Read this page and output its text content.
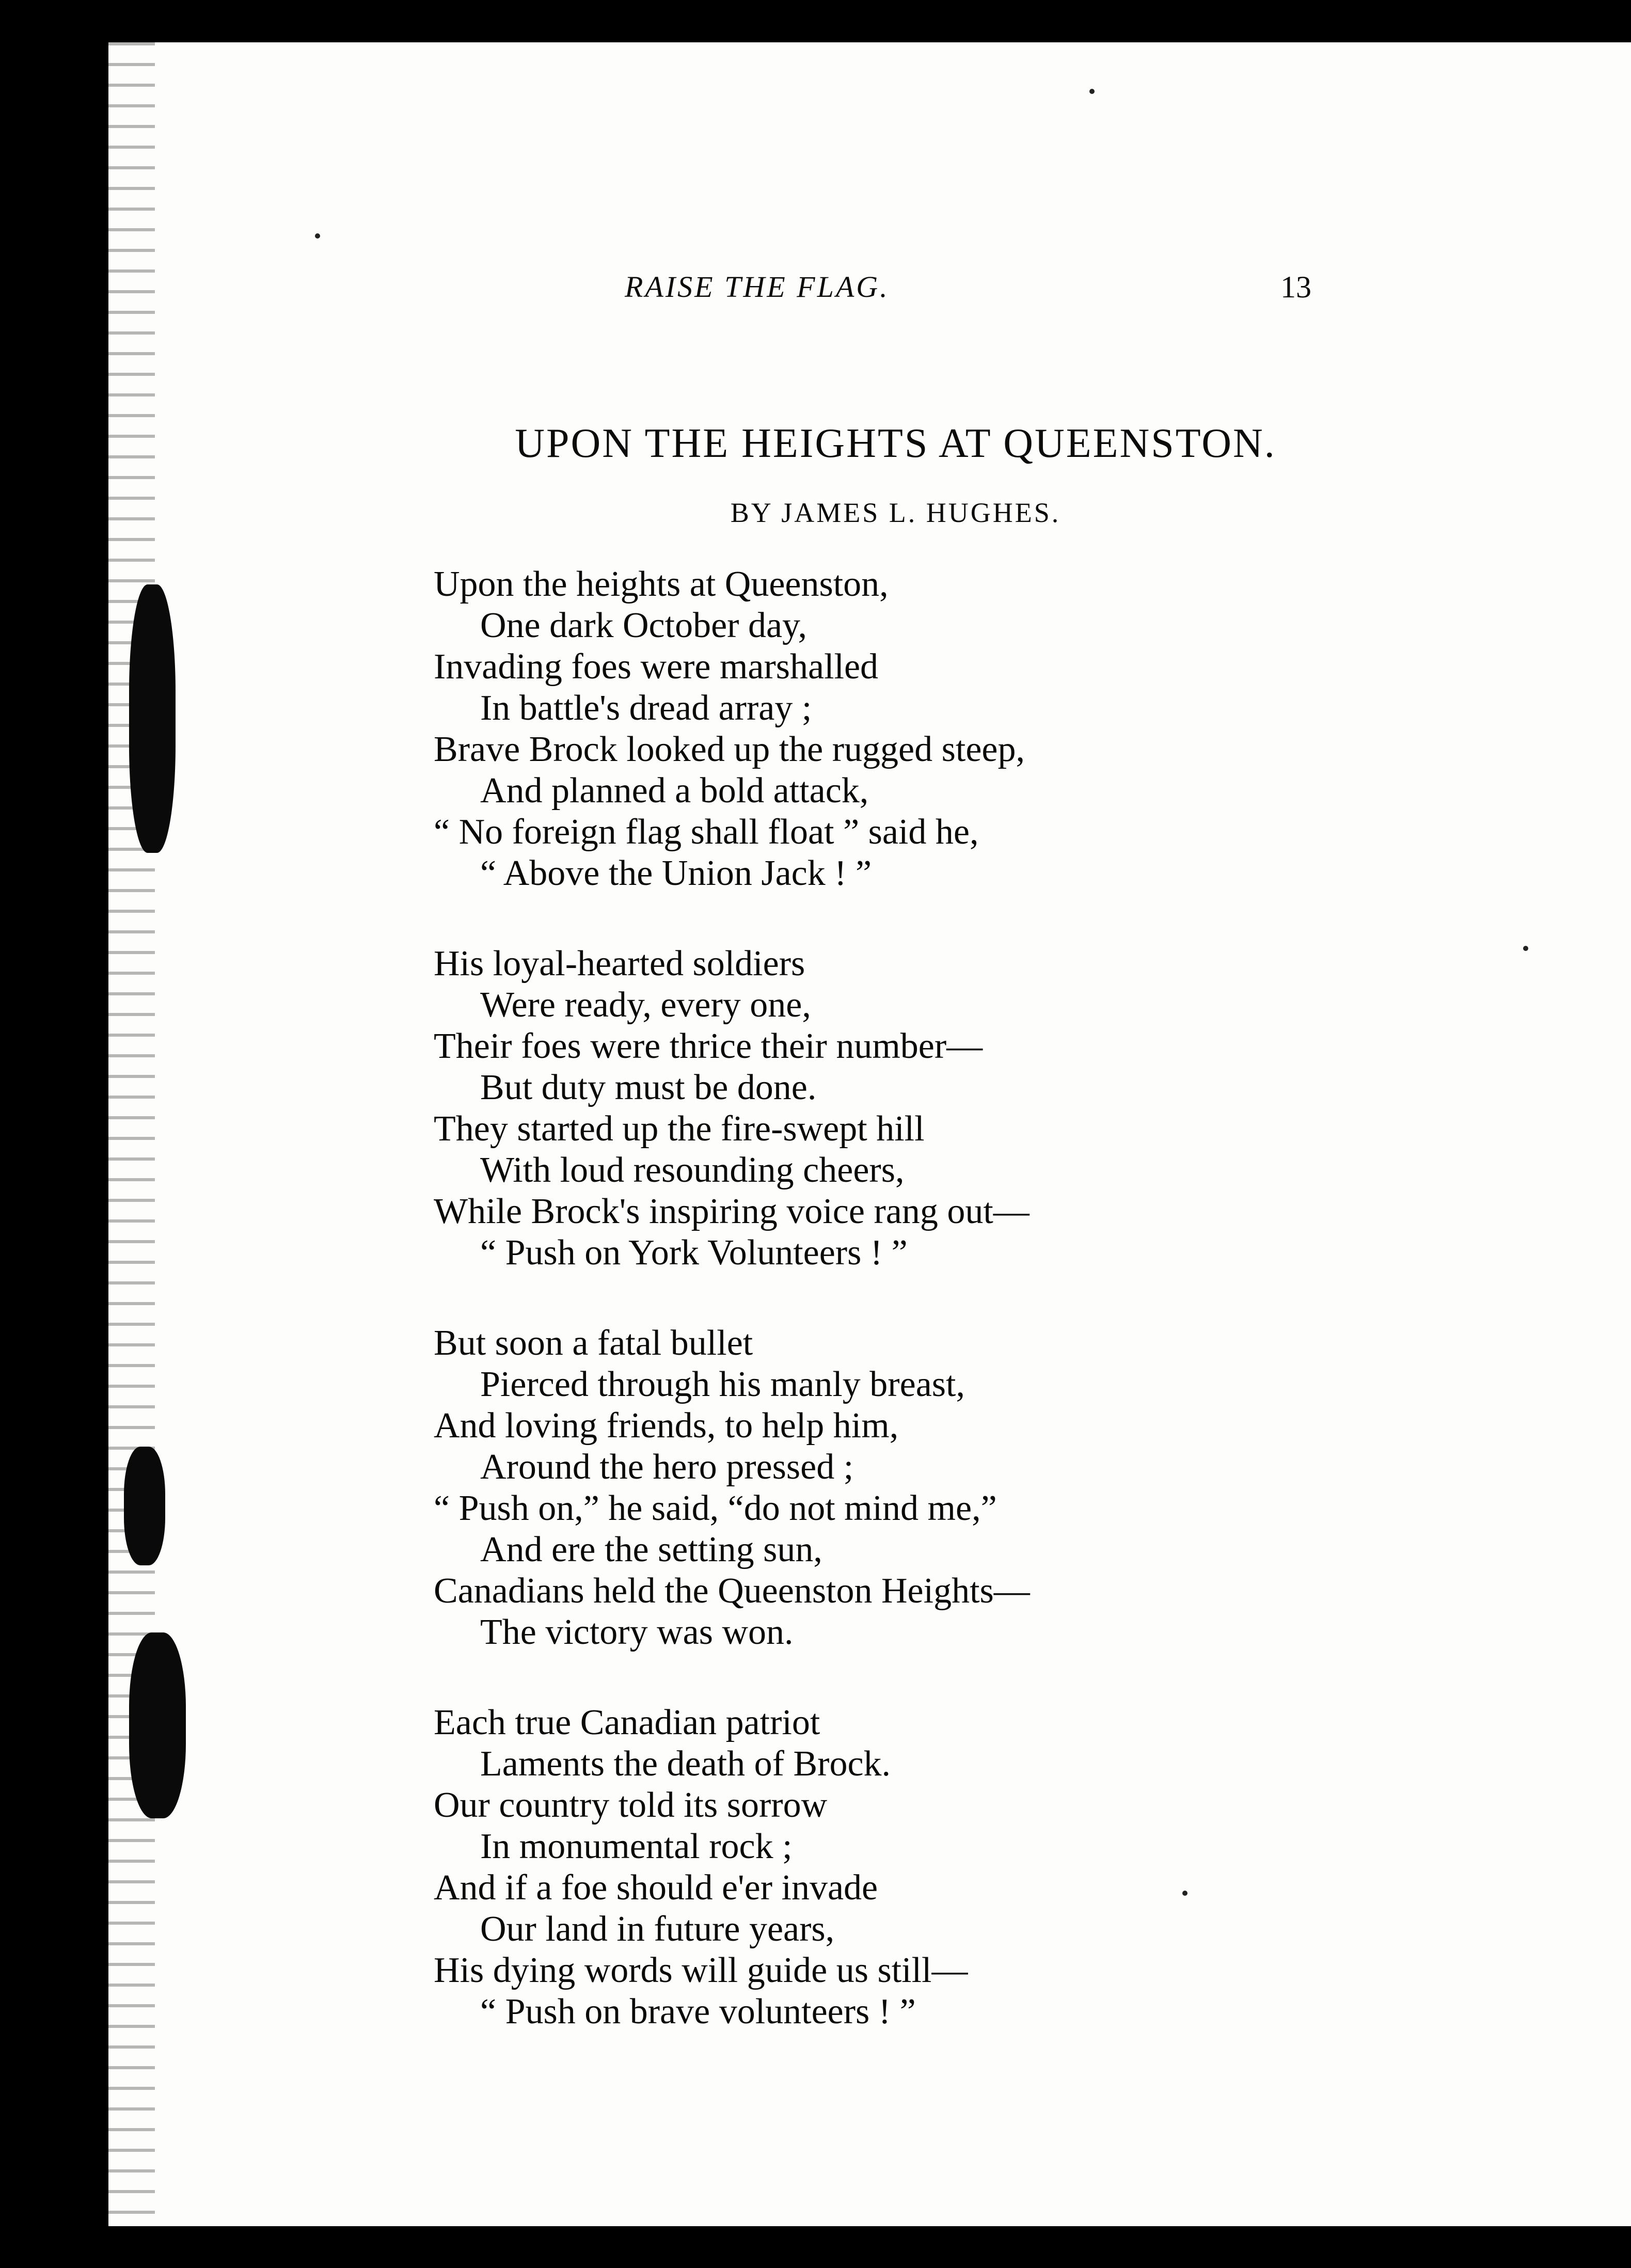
RAISE THE FLAG.	13
UPON THE HEIGHTS AT QUEENSTON.
BY JAMES L. HUGHES.
Upon the heights at Queenston,
One dark October day,
Invading foes were marshalled
In battle's dread array ;
Brave Brock looked up the rugged steep,
And planned a bold attack,
“ No foreign flag shall float ” said he,
“ Above the Union Jack ! ”
His loyal-hearted soldiers
Were ready, every one,
Their foes were thrice their number—
But duty must be done.
They started up the fire-swept hill
With loud resounding cheers,
While Brock's inspiring voice rang out—
“ Push on York Volunteers ! ”
But soon a fatal bullet
Pierced through his manly breast,
And loving friends, to help him,
Around the hero pressed ;
“ Push on,” he said, “do not mind me,”
And ere the setting sun,
Canadians held the Queenston Heights—
The victory was won.
Each true Canadian patriot
Laments the death of Brock.
Our country told its sorrow
In monumental rock ;
And if a foe should e'er invade
Our land in future years,
His dying words will guide us still—
“ Push on brave volunteers ! ”
